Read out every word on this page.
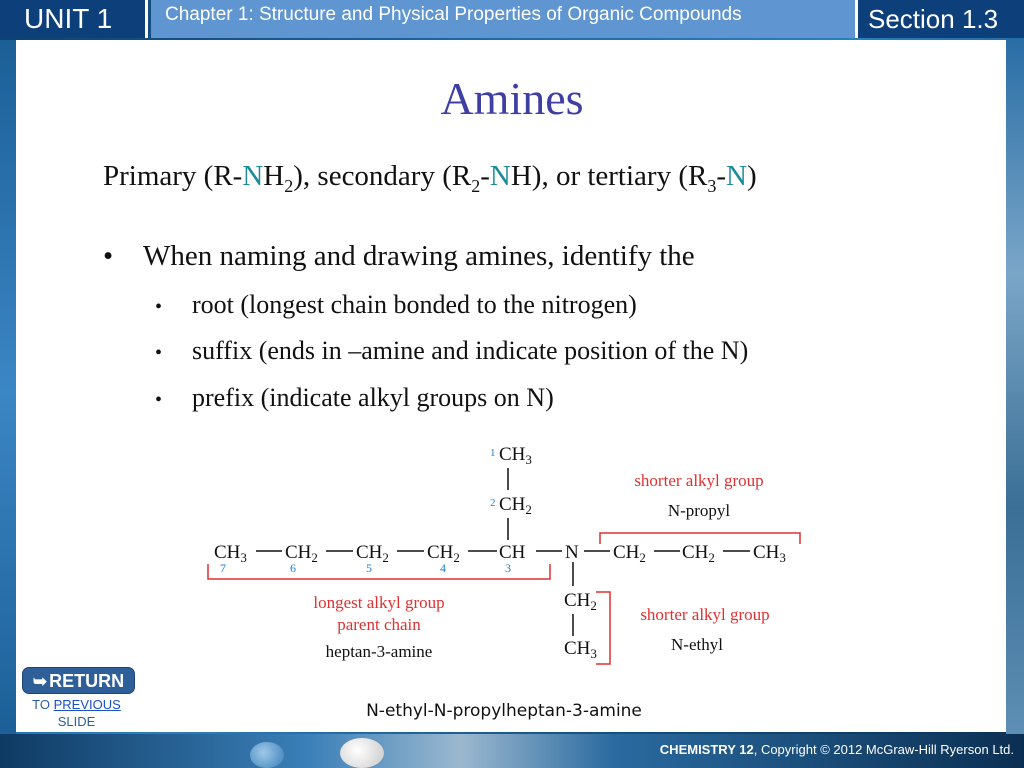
UNIT 1	Chapter 1: Structure and Physical Properties of Organic Compounds	Section 1.3
Amines
Primary $(R-NH_2)$, secondary $(R_2-NH)$, or tertiary $(R_3-N)$
• When naming and drawing amines, identify the
• root (longest chain bonded to the nitrogen)
• suffix (ends in –amine and indicate position of the N)
• prefix (indicate alkyl groups on N)
1 $CH_3$
2 $CH_2$
$CH_3$ $CH_2$ $CH_2$ $CH_2$ CH N $CH_2$ $CH_2$ $CH_3$
7	6	5	4	3
$CH_2$
$CH_3$
longest alkyl group
parent chain
heptan-3-amine
shorter alkyl group
N-propyl
shorter alkyl group
N-ethyl
N-ethyl-N-propylheptan-3-amine
➥ RETURN
TO PREVIOUS
SLIDE
CHEMISTRY 12, Copyright © 2012 McGraw-Hill Ryerson Ltd.
